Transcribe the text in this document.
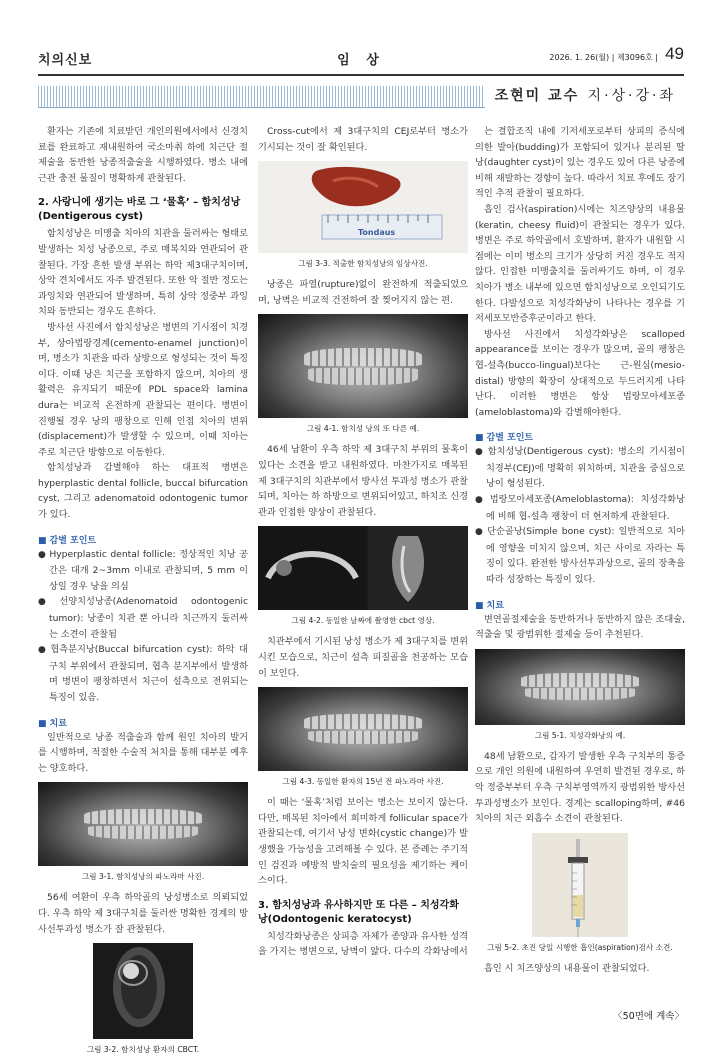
치의신보	임 상	2026. 1. 26(월) | 제3096호 | 49
조현미 교수 지·상·강·좌

환자는 기존에 치료받던 개인의원에서에서 신경치료를 완료하고 재내원하여 국소마취 하에 치근단 절제술을 동반한 낭종적출술을 시행하였다. 병소 내에 근관 충전 물질이 명확하게 관찰된다.

2. 사랑니에 생기는 바로 그 ‘물혹’ – 함치성낭(Dentigerous cyst)

함치성낭은 미맹출 치아의 치관을 둘러싸는 형태로 발생하는 치성 낭종으로, 주로 매복치와 연관되어 관찰된다. 가장 흔한 발생 부위는 하악 제3대구치이며, 상악 견치에서도 자주 발견된다. 또한 악 절반 정도는 과잉치와 연관되어 발생하며, 특히 상악 정중부 과잉치와 동반되는 경우도 흔하다.

방사선 사진에서 함치성낭은 병변의 기시점이 치경부, 상아법랑경계(cemento-enamel junction)이며, 병소가 치관을 따라 상방으로 형성되는 것이 특징이다. 이때 낭은 치근을 포함하지 않으며, 치아의 생활력은 유지되기 때문에 PDL space와 lamina dura는 비교적 온전하게 관찰되는 편이다. 병변이 진행될 경우 낭의 팽창으로 인해 인접 치아의 변위(displacement)가 발생할 수 있으며, 이때 치아는 주로 치근단 방향으로 이동한다.

함치성낭과 감별해야 하는 대표적 병변은 hyperplastic dental follicle, buccal bifurcation cyst, 그리고 adenomatoid odontogenic tumor가 있다.

■ 감별 포인트
● Hyperplastic dental follicle: 정상적인 치낭 공간은 대개 2~3mm 이내로 관찰되며, 5 mm 이상일 경우 낭을 의심
● 선양치성낭종(Adenomatoid odontogenic tumor): 낭종이 치관 뿐 아니라 치근까지 둘러싸는 소견이 관찰됨
● 협측분지낭(Buccal bifurcation cyst): 하악 대구치 부위에서 관찰되며, 협측 분지부에서 발생하며 병변이 팽창하면서 치근이 설측으로 전위되는 특징이 있음.
■ 치료

일반적으로 낭종 적출술과 함께 원인 치아의 발거를 시행하며, 적절한 수술적 처치를 통해 대부분 예후는 양호하다.

그림 3-1. 함치성낭의 파노라마 사진.

56세 여환이 우측 하악골의 낭성병소로 의뢰되었다. 우측 하악 제 3대구치를 둘러싼 명확한 경계의 방사선투과성 병소가 잘 관찰된다.

그림 3-2. 함치성낭 환자의 CBCT.

Cross-cut에서 제 3대구치의 CEJ로부터 병소가 기시되는 것이 잘 확인된다.

Tondaus
그림 3-3. 적출한 함치성낭의 임상사진.

낭종은 파열(rupture)없이 완전하게 적출되었으며, 낭벽은 비교적 건전하여 잘 찢어지지 않는 편.

그림 4-1. 함치성 낭의 또 다른 예.

46세 남환이 우측 하악 제 3대구치 부위의 물혹이 있다는 소견을 받고 내원하였다. 마찬가지로 매복된 제 3대구치의 치관부에서 방사선 투과성 병소가 관찰되며, 치아는 하 하방으로 변위되어있고, 하치조 신경관과 인접한 양상이 관찰된다.

그림 4-2. 동일한 날짜에 촬영한 cbct 영상.

치관부에서 기시된 낭성 병소가 제 3대구치를 변위시킨 모습으로, 치근이 설측 피질골을 천공하는 모습이 보인다.

그림 4-3. 동일한 환자의 15년 전 파노라마 사진.

이 때는 ‘물혹’처럼 보이는 병소는 보이지 않는다. 다만, 매복된 치아에서 희미하게 follicular space가 관찰되는데, 여기서 낭성 변화(cystic change)가 발생했을 가능성을 고려해볼 수 있다. 본 증례는 주기적인 검진과 예방적 발치술의 필요성을 제기하는 케이스이다.

3. 함치성낭과 유사하지만 또 다른 – 치성각화낭(Odontogenic keratocyst)

치성각화낭종은 상피층 자체가 종양과 유사한 성격을 가지는 병변으로, 낭벽이 얇다. 다수의 각화낭에서

는 결합조직 내에 기저세포로부터 상피의 증식에 의한 발아(budding)가 포함되어 있거나 분리된 딸낭(daughter cyst)이 있는 경우도 있어 다른 낭종에 비해 재발하는 경향이 높다. 따라서 치료 후에도 장기적인 추적 관찰이 필요하다.

흡인 검사(aspiration)시에는 치즈양상의 내용물(keratin, cheesy fluid)이 관찰되는 경우가 있다. 병변은 주로 하악골에서 호발하며, 환자가 내원할 시점에는 이미 병소의 크기가 상당히 커진 경우도 적지 않다. 인접한 미맹출치를 둘러싸기도 하며, 이 경우 치아가 병소 내부에 있으면 함치성낭으로 오인되기도 한다. 다발성으로 치성각화낭이 나타나는 경우를 기저세포모반증후군이라고 한다.

방사선 사진에서 치성각화낭은 scalloped appearance를 보이는 경우가 많으며, 골의 팽창은 협-설측(bucco-lingual)보다는 근-원심(mesio-distal) 방향의 확장이 상대적으로 두드러지게 나타난다. 이러한 병변은 항상 법랑모아세포종(ameloblastoma)와 감별해야한다.

■ 감별 포인트
● 함치성낭(Dentigerous cyst): 병소의 기시점이 치경부(CEJ)에 명확히 위치하며, 치관을 중심으로 낭이 형성된다.
● 법랑모아세포종(Ameloblastoma): 치성각화낭에 비해 협-설측 팽창이 더 현저하게 관찰된다.
● 단순골낭(Simple bone cyst): 일반적으로 치아에 영향을 미치지 않으며, 치근 사이로 자라는 특징이 있다. 완전한 방사선투과상으로, 골의 장축을 따라 성장하는 특징이 있다.
■ 치료

변연골절제술을 동반하거나 동반하지 않은 조대술, 적출술 및 광범위한 절제술 등이 추천된다.

그림 5-1. 치성각화낭의 예.

48세 남환으로, 갑자기 발생한 우측 구치부의 통증으로 개인 의원에 내원하여 우연히 발견된 경우로, 하악 정중부부터 우측 구치부영역까지 광범위한 방사선 투과성병소가 보인다. 경계는 scalloping하며, #46 치아의 치근 외흡수 소견이 관찰된다.

그림 5-2. 초진 당일 시행한 흡인(aspiration)검사 소견.

흡인 시 치즈양상의 내용물이 관찰되었다.

〈50면에 계속〉
